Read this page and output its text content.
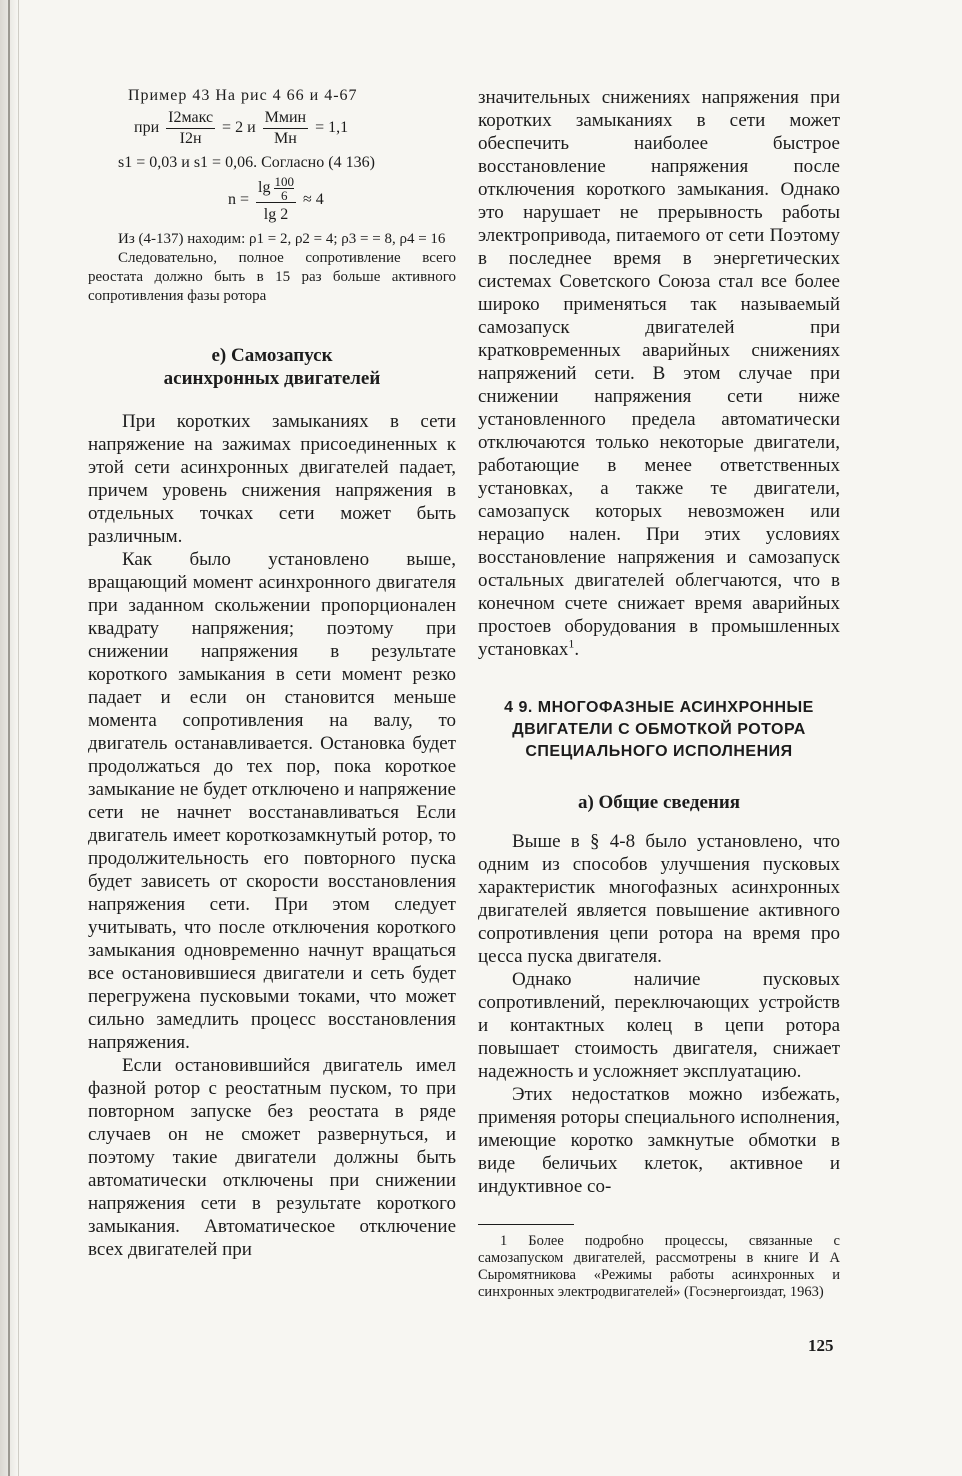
Пример 43 На рис 4 66 и 4-67

при $\frac{\text{I2макс}}{I2н} = 2$ и $\frac{\text{Mмин}}{Mн} = 1,1$
s1 = 0,03 и s1 = 0,06. Согласно (4 136)
$n = \frac{\lg \frac{100}{6}}{\lg 2} \approx 4$

Из (4-137) находим: ρ1 = 2, ρ2 = 4; ρ3 = = 8, ρ4 = 16

Следовательно, полное сопротивление всего реостата должно быть в 15 раз больше активного сопротивления фазы ротора

е) Самозапуск
асинхронных двигателей

При коротких замыканиях в сети напряжение на зажимах присоединенных к этой сети асинхронных двигателей падает, причем уровень снижения напряжения в отдельных точках сети может быть различным.

Как было установлено выше, вращающий момент асинхронного двигателя при заданном скольжении пропорционален квадрату напряжения; поэтому при снижении напряжения в результате короткого замыкания в сети момент резко падает и если он становится меньше момента сопротивления на валу, то двигатель останавливается. Остановка будет продолжаться до тех пор, пока короткое замыкание не будет отключено и напряжение сети не начнет восстанавливаться Если двигатель имеет короткозамкнутый ротор, то продолжительность его повторного пуска будет зависеть от скорости восстановления напряжения сети. При этом следует учитывать, что после отключения короткого замыкания одновременно начнут вращаться все остановившиеся двигатели и сеть будет перегружена пусковыми токами, что может сильно замедлить процесс восстановления напряжения.

Если остановившийся двигатель имел фазной ротор с реостатным пуском, то при повторном запуске без реостата в ряде случаев он не сможет развернуться, и поэтому такие двигатели должны быть автоматически отключены при снижении напряжения сети в результате короткого замыкания. Автоматическое отключение всех двигателей при

значительных снижениях напряжения при коротких замыканиях в сети может обеспечить наиболее быстрое восстановление напряжения после отключения короткого замыкания. Однако это нарушает не прерывность работы электропривода, питаемого от сети Поэтому в последнее время в энергетических системах Советского Союза стал все более широко применяться так называемый самозапуск двигателей при кратковременных аварийных снижениях напряжений сети. В этом случае при снижении напряжения сети ниже установленного предела автоматически отключаются только некоторые двигатели, работающие в менее ответственных установках, а также те двигатели, самозапуск которых невозможен или нерацио нален. При этих условиях восстановление напряжения и самозапуск остальных двигателей облегчаются, что в конечном счете снижает время аварийных простоев оборудования в промышленных установках$^1$.

4 9. МНОГОФАЗНЫЕ АСИНХРОННЫЕ
ДВИГАТЕЛИ С ОБМОТКОЙ РОТОРА
СПЕЦИАЛЬНОГО ИСПОЛНЕНИЯ
а) Общие сведения

Выше в § 4-8 было установлено, что одним из способов улучшения пусковых характеристик многофазных асинхронных двигателей является повышение активного сопротивления цепи ротора на время про цесса пуска двигателя.

Однако наличие пусковых сопротивлений, переключающих устройств и контактных колец в цепи ротора повышает стоимость двигателя, снижает надежность и усложняет эксплуатацию.

Этих недостатков можно избежать, применяя роторы специального исполнения, имеющие коротко замкнутые обмотки в виде беличьих клеток, активное и индуктивное со-

1 Более подробно процессы, связанные с самозапуском двигателей, рассмотрены в книге И А Сыромятникова «Режимы работы асинхронных и синхронных электродвигателей» (Госэнергоиздат, 1963)

125
